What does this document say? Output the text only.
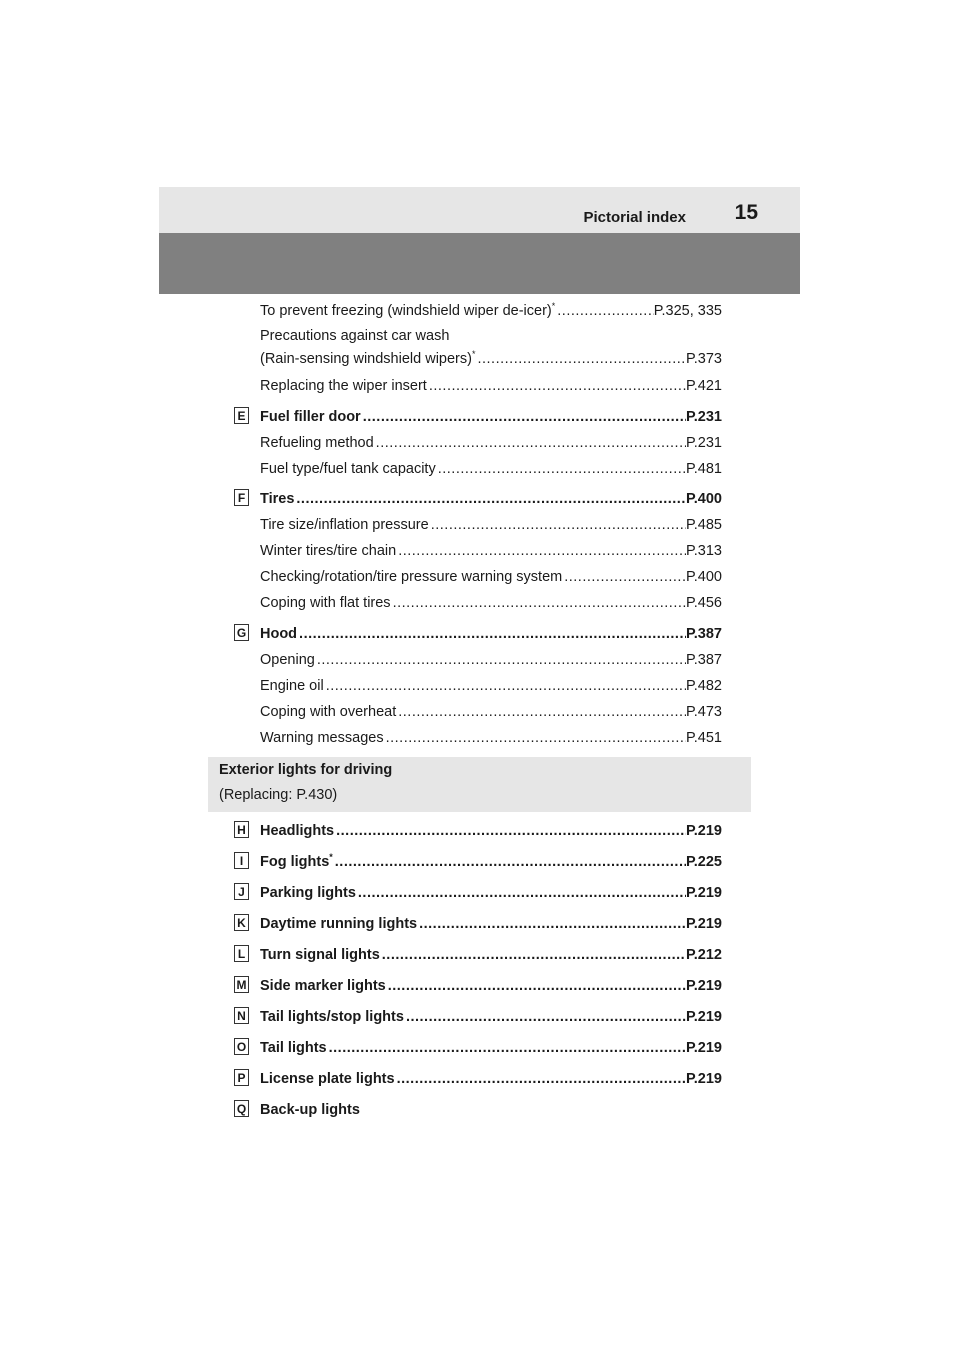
Pictorial index 15
To prevent freezing (windshield wiper de-icer)* .....	P.325, 335
Precautions against car wash
(Rain-sensing windshield wipers)* .....	P.373
Replacing the wiper insert .....	P.421
E Fuel filler door .....	P.231
Refueling method .....	P.231
Fuel type/fuel tank capacity .....	P.481
F Tires .....	P.400
Tire size/inflation pressure .....	P.485
Winter tires/tire chain .....	P.313
Checking/rotation/tire pressure warning system .....	P.400
Coping with flat tires .....	P.456
G Hood .....	P.387
Opening .....	P.387
Engine oil .....	P.482
Coping with overheat .....	P.473
Warning messages .....	P.451
Exterior lights for driving
(Replacing: P.430)
H Headlights .....	P.219
I	Fog lights* .....	P.225
J Parking lights .....	P.219
K Daytime running lights .....	P.219
L Turn signal lights .....	P.212
M Side marker lights .....	P.219
N Tail lights/stop lights .....	P.219
O Tail lights .....	P.219
P License plate lights .....	P.219
Q Back-up lights
